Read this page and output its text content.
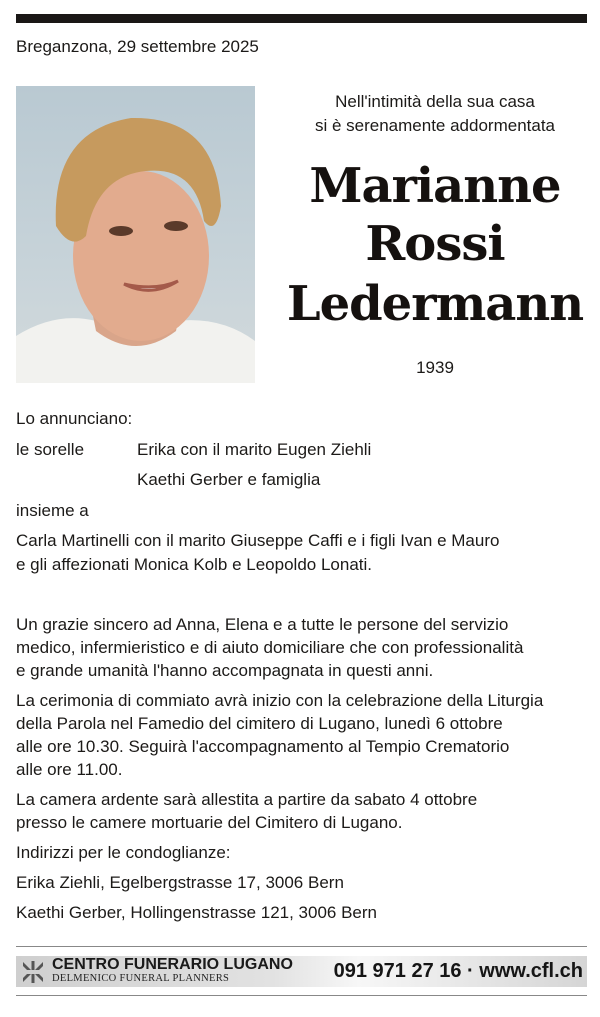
Breganzona, 29 settembre 2025
Nell'intimità della sua casa
si è serenamente addormentata
Marianne
Rossi
Ledermann
1939
Lo annunciano:
le sorelle	Erika con il marito Eugen Ziehli
Kaethi Gerber e famiglia
insieme a
Carla Martinelli con il marito Giuseppe Caffi e i figli Ivan e Mauro
e gli affezionati Monica Kolb e Leopoldo Lonati.
Un grazie sincero ad Anna, Elena e a tutte le persone del servizio
medico, infermieristico e di aiuto domiciliare che con professionalità
e grande umanità l'hanno accompagnata in questi anni.
La cerimonia di commiato avrà inizio con la celebrazione della Liturgia
della Parola nel Famedio del cimitero di Lugano, lunedì 6 ottobre
alle ore 10.30. Seguirà l'accompagnamento al Tempio Crematorio
alle ore 11.00.
La camera ardente sarà allestita a partire da sabato 4 ottobre
presso le camere mortuarie del Cimitero di Lugano.
Indirizzi per le condoglianze:
Erika Ziehli, Egelbergstrasse 17, 3006 Bern
Kaethi Gerber, Hollingenstrasse 121, 3006 Bern
CENTRO FUNERARIO LUGANO
DELMENICO FUNERAL PLANNERS	091 971 27 16 · www.cfl.ch
